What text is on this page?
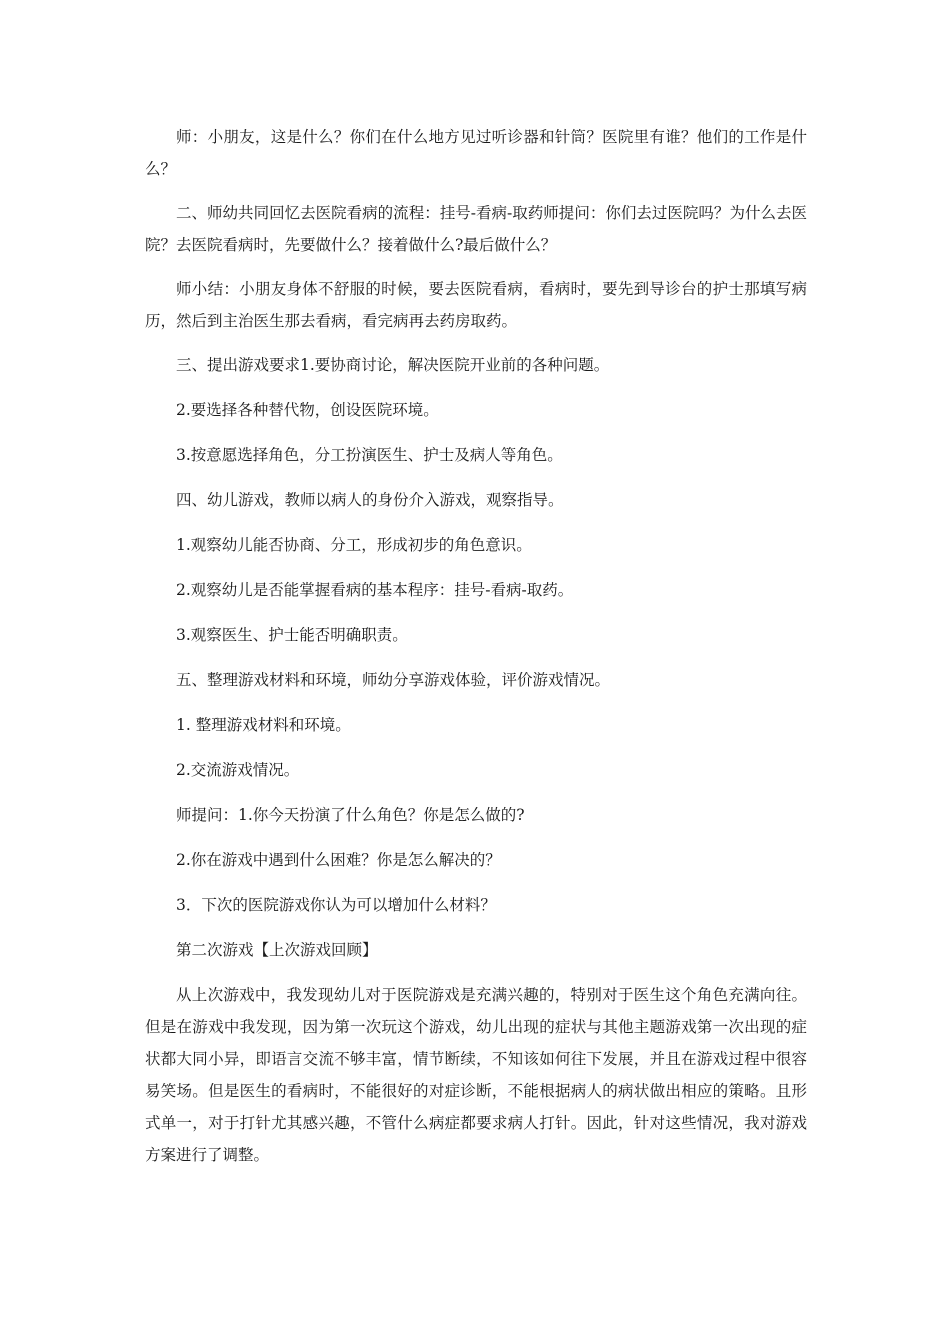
师：小朋友，这是什么？你们在什么地方见过听诊器和针筒？医院里有谁？他们的工作是什么？

二、师幼共同回忆去医院看病的流程：挂号-看病-取药师提问：你们去过医院吗？为什么去医院？去医院看病时，先要做什么？接着做什么?最后做什么？

师小结：小朋友身体不舒服的时候，要去医院看病，看病时，要先到导诊台的护士那填写病历，然后到主治医生那去看病，看完病再去药房取药。

三、提出游戏要求1.要协商讨论，解决医院开业前的各种问题。

2.要选择各种替代物，创设医院环境。

3.按意愿选择角色，分工扮演医生、护士及病人等角色。

四、幼儿游戏，教师以病人的身份介入游戏，观察指导。

1.观察幼儿能否协商、分工，形成初步的角色意识。

2.观察幼儿是否能掌握看病的基本程序：挂号-看病-取药。

3.观察医生、护士能否明确职责。

五、整理游戏材料和环境，师幼分享游戏体验，评价游戏情况。

1. 整理游戏材料和环境。

2.交流游戏情况。

师提问：1.你今天扮演了什么角色？你是怎么做的?

2.你在游戏中遇到什么困难？你是怎么解决的？

3．下次的医院游戏你认为可以增加什么材料？

第二次游戏【上次游戏回顾】

从上次游戏中，我发现幼儿对于医院游戏是充满兴趣的，特别对于医生这个角色充满向往。但是在游戏中我发现，因为第一次玩这个游戏，幼儿出现的症状与其他主题游戏第一次出现的症状都大同小异，即语言交流不够丰富，情节断续，不知该如何往下发展，并且在游戏过程中很容易笑场。但是医生的看病时，不能很好的对症诊断，不能根据病人的病状做出相应的策略。且形式单一，对于打针尤其感兴趣，不管什么病症都要求病人打针。因此，针对这些情况，我对游戏方案进行了调整。
